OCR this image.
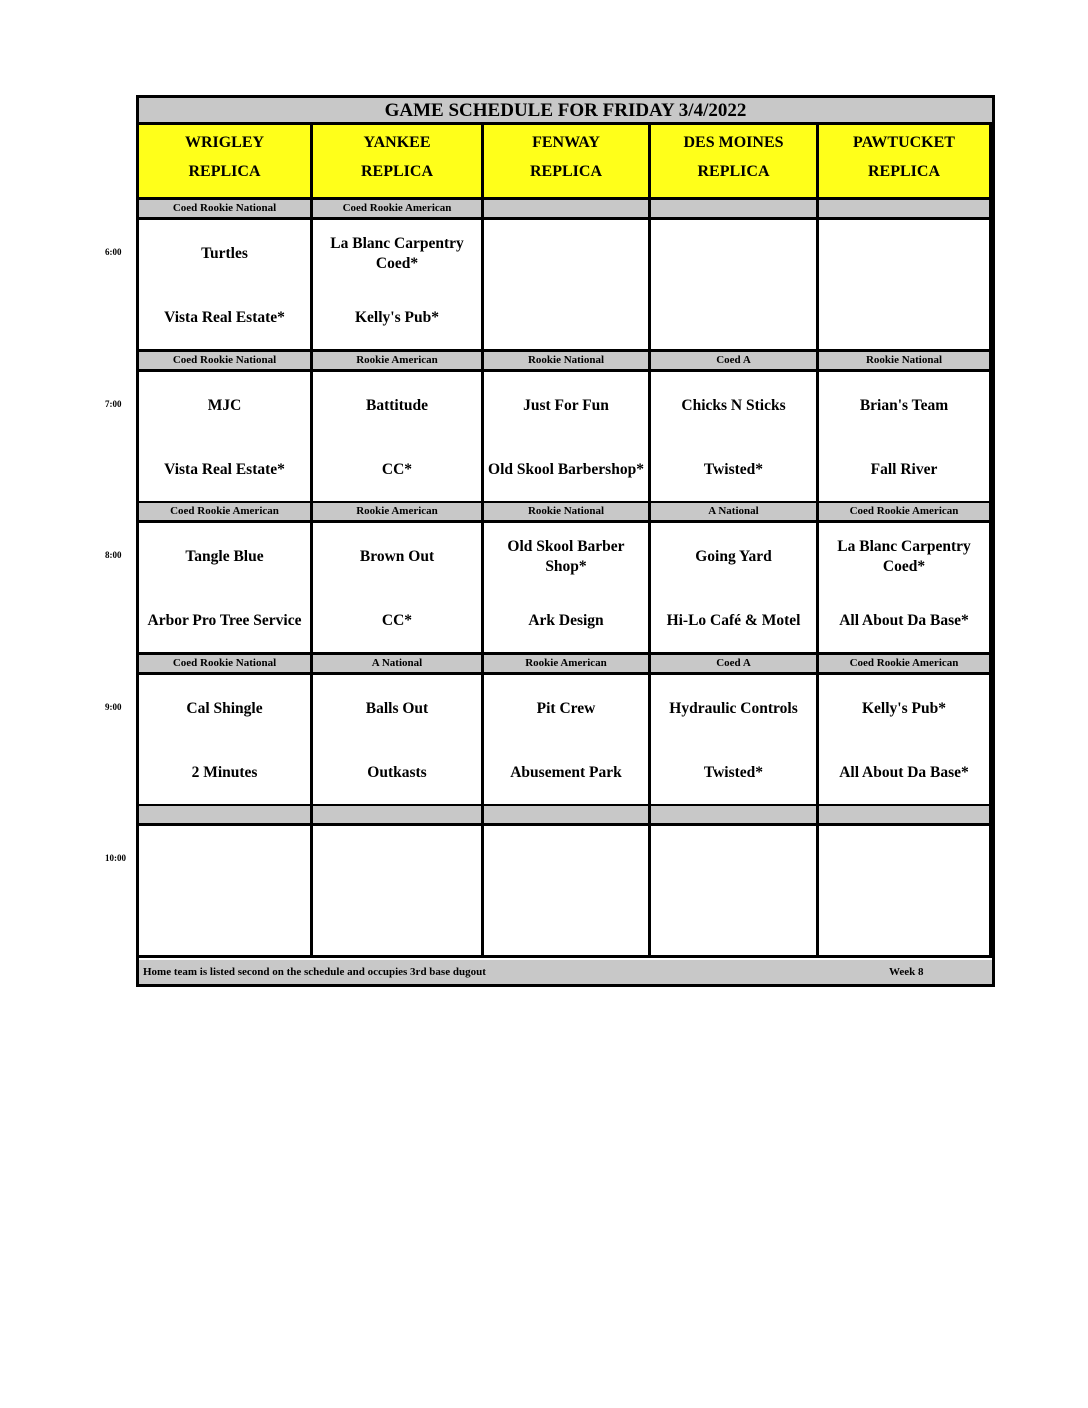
GAME SCHEDULE FOR FRIDAY 3/4/2022
Home team is listed second on the schedule and occupies 3rd base dugout	Week 8
WRIGLEY
REPLICA
YANKEE
REPLICA
FENWAY
REPLICA
DES MOINES
REPLICA
PAWTUCKET
REPLICA
Coed Rookie National
Turtles
Vista Real Estate*
Coed Rookie American
La Blanc Carpentry Coed*
Kelly's Pub*
Coed Rookie National
MJC
Vista Real Estate*
Rookie American
Battitude
CC*
Rookie National
Just For Fun
Old Skool Barbershop*
Coed A
Chicks N Sticks
Twisted*
Rookie National
Brian's Team
Fall River
Coed Rookie American
Tangle Blue
Arbor Pro Tree Service
Rookie American
Brown Out
CC*
Rookie National
Old Skool Barber Shop*
Ark Design
A National
Going Yard
Hi-Lo Café & Motel
Coed Rookie American
La Blanc Carpentry Coed*
All About Da Base*
Coed Rookie National
Cal Shingle
2 Minutes
A National
Balls Out
Outkasts
Rookie American
Pit Crew
Abusement Park
Coed A
Hydraulic Controls
Twisted*
Coed Rookie American
Kelly's Pub*
All About Da Base*
6:00
7:00
8:00
9:00
10:00
